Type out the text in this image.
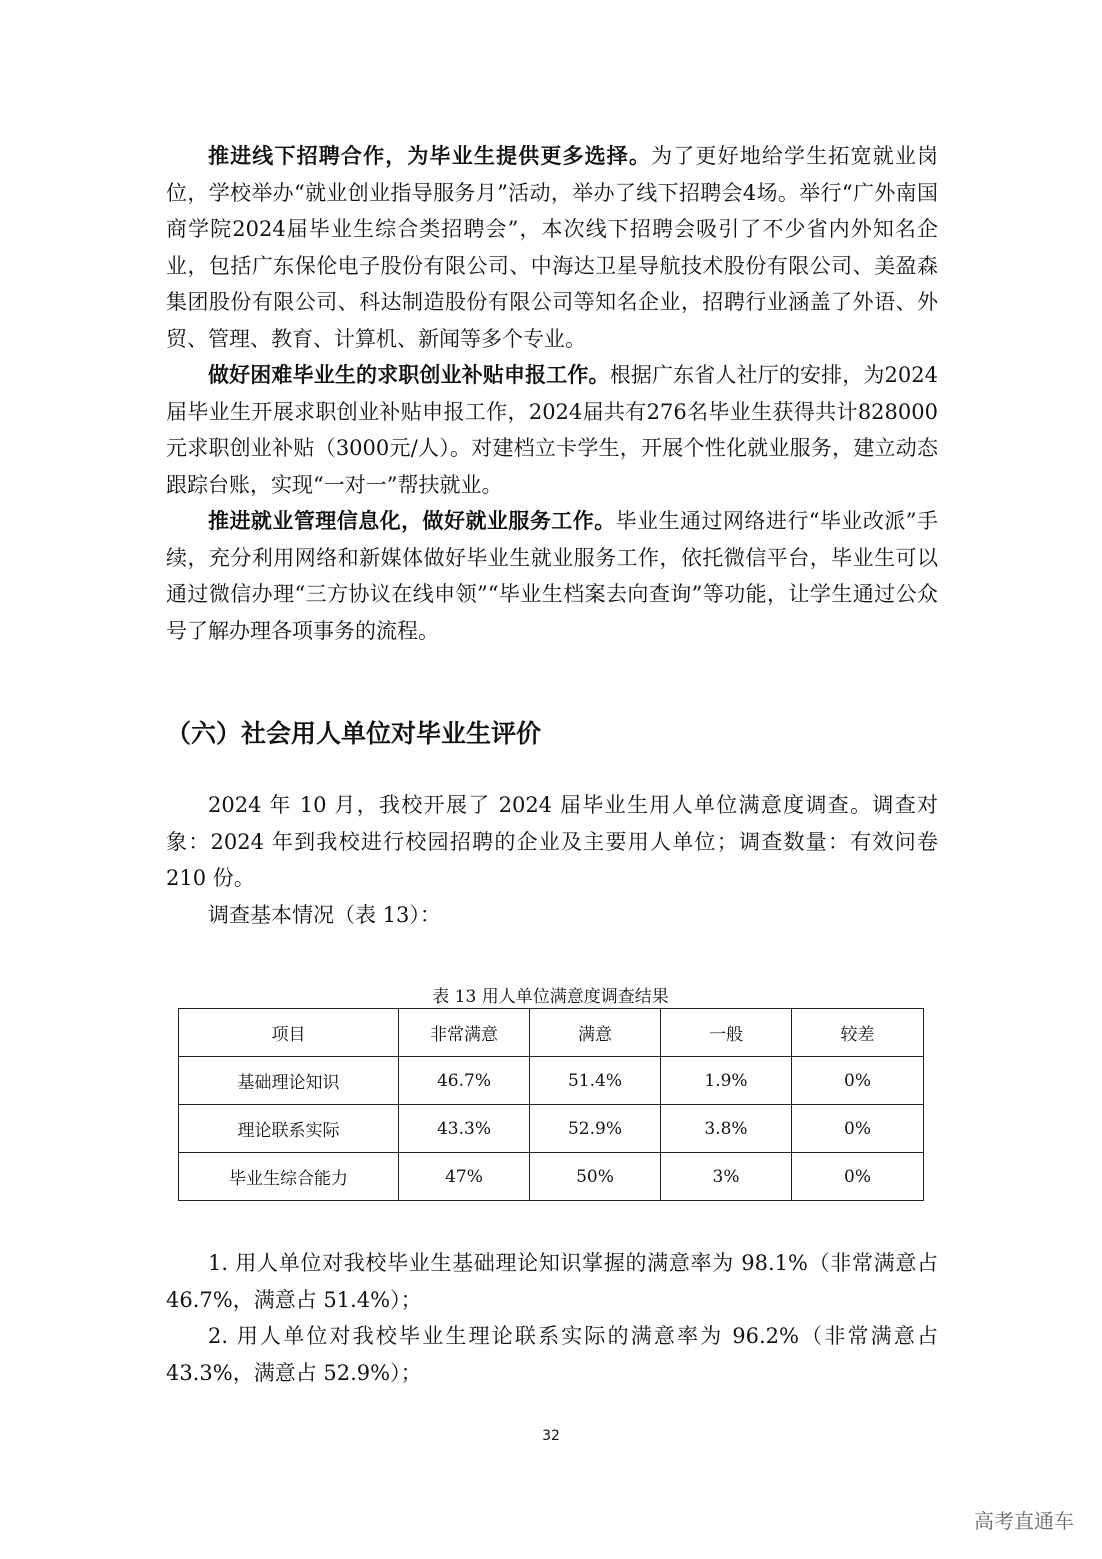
推进线下招聘合作，为毕业生提供更多选择。为了更好地给学生拓宽就业岗位，学校举办“就业创业指导服务月”活动，举办了线下招聘会4场。举行“广外南国商学院2024届毕业生综合类招聘会”，本次线下招聘会吸引了不少省内外知名企业，包括广东保伦电子股份有限公司、中海达卫星导航技术股份有限公司、美盈森集团股份有限公司、科达制造股份有限公司等知名企业，招聘行业涵盖了外语、外贸、管理、教育、计算机、新闻等多个专业。

做好困难毕业生的求职创业补贴申报工作。根据广东省人社厅的安排，为2024届毕业生开展求职创业补贴申报工作，2024届共有276名毕业生获得共计828000元求职创业补贴（3000元/人）。对建档立卡学生，开展个性化就业服务，建立动态跟踪台账，实现“一对一”帮扶就业。

推进就业管理信息化，做好就业服务工作。毕业生通过网络进行“毕业改派”手续，充分利用网络和新媒体做好毕业生就业服务工作，依托微信平台，毕业生可以通过微信办理“三方协议在线申领”“毕业生档案去向查询”等功能，让学生通过公众号了解办理各项事务的流程。

（六）社会用人单位对毕业生评价

2024 年 10 月，我校开展了 2024 届毕业生用人单位满意度调查。调查对象：2024 年到我校进行校园招聘的企业及主要用人单位；调查数量：有效问卷 210 份。

调查基本情况（表 13）：

表 13 用人单位满意度调查结果
项目	非常满意	满意	一般	较差
基础理论知识	46.7%	51.4%	1.9%	0%
理论联系实际	43.3%	52.9%	3.8%	0%
毕业生综合能力	47%	50%	3%	0%

1. 用人单位对我校毕业生基础理论知识掌握的满意率为 98.1%（非常满意占 46.7%，满意占 51.4%）；

2. 用人单位对我校毕业生理论联系实际的满意率为 96.2%（非常满意占 43.3%，满意占 52.9%）；

32
高考直通车
